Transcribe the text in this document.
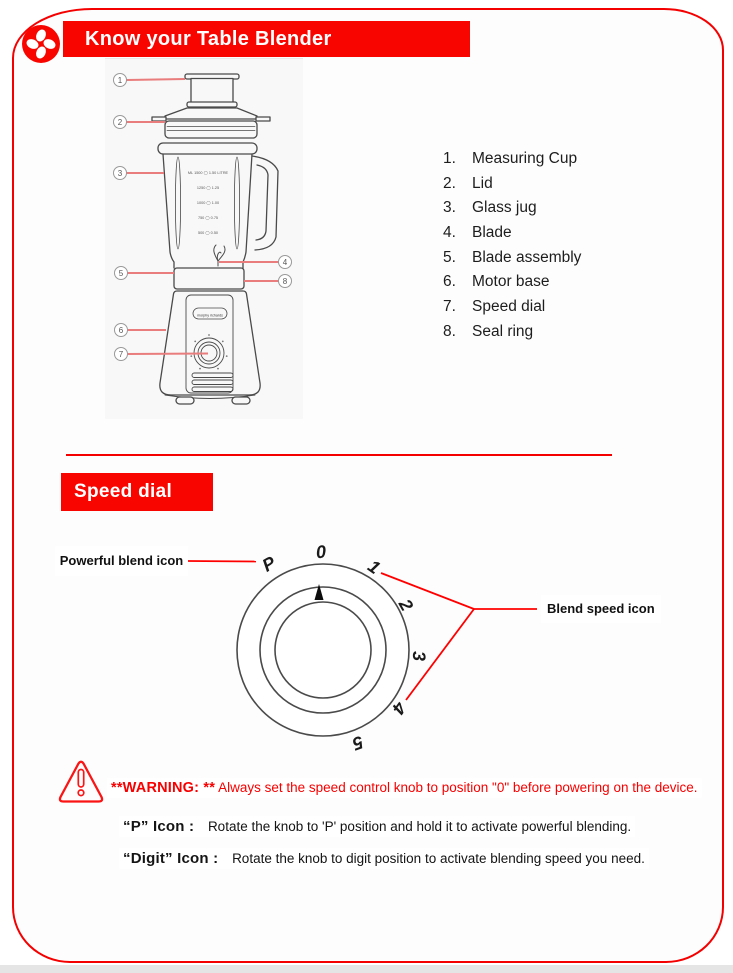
Know your Table Blender
morphy richards
ML 1500 ◯ 1.50 LITRE
1250 ◯ 1.25
1000 ◯ 1.00
750 ◯ 0.75
500 ◯ 0.50
1
2
3
4
5
6
7
8
1.	Measuring Cup
2.	Lid
3.	Glass jug
4.	Blade
5.	Blade assembly
6.	Motor base
7.	Speed dial
8.	Seal ring
Speed dial
P
0
1
2
3
4
5
Powerful blend icon
Blend speed icon
**WARNING: ** Always set the speed control knob to position "0" before powering on the device.
“P” Icon : Rotate the knob to 'P' position and hold it to activate powerful blending.
“Digit” Icon : Rotate the knob to digit position to activate blending speed you need.
